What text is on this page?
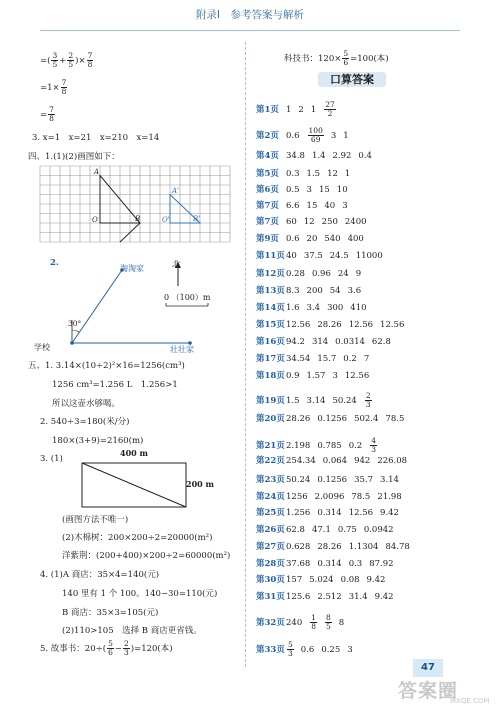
附录Ⅰ　参考答案与解析
=( $\frac{3}{5} + \frac{2}{5}$ )× $\frac{7}{8}$
$=1\times \frac{7}{8}$
= $\frac{7}{8}$
3. x=1　x=21　x=210　x=14
四、1.(1)(2)画图如下：
A
B
O
A'
B'
O'
2.
淘淘家	北
0 （100）m
30°
学校	壮壮家
五、1. 3.14×(10÷2)²×16=1256(cm³)
1256 cm³=1.256 L　1.256>1
所以这壶水够喝。
2. 540÷3=180(米/分)
180×(3+9)=2160(m)
3. (1)
400 m
200 m
(画图方法不唯一)
(2)木棉树：200×200÷2=20000(m²)
洋紫荆：(200+400)×200÷2=60000(m²)
4. (1)A 商店：35×4=140(元)
140 里有 1 个 100。140−30=110(元)
B 商店：35×3=105(元)
(2)110>105　选择 B 商店更省钱。
5. 故事书：$20\div( \frac{5}{6} - \frac{2}{3} )=120$(本)
科技书：$120\times \frac{5}{6} =100$(本)
口算答案
第1页 1 2 $1 \frac{27}{2}$
第2页 $0.6 \frac{100}{69} 3$ 1
第4页 34.8 1.4 2.92 0.4
第5页 0.3 1.5 12 1
第6页 0.5 3 15 10
第7页 6.6 15 40 3
第7页 60 12 250 2400
第9页 0.6 20 540 400
第11页40 37.5 24.5 11000
第12页0.28 0.96 24 9
第13页8.3 200 54 3.6
第14页1.6 3.4 300 410
第15页12.56 28.26 12.56 12.56
第16页94.2 314 0.0314 62.8
第17页34.54 15.7 0.2 7
第18页0.9 1.57 3 12.56
第19页1.5 3.14 $50.24 \frac{2}{3}$
第20页28.26 0.1256 502.4 78.5
第21页2.198 0.785 $0.2 \frac{4}{3}$
第22页254.34 0.064 942 226.08
第23页50.24 0.1256 35.7 3.14
第24页1256 2.0096 78.5 21.98
第25页1.256 0.314 12.56 9.42
第26页62.8 47.1 0.75 0.0942
第27页0.628 28.26 1.1304 84.78
第28页37.68 0.314 0.3 87.92
第30页157 5.024 0.08 9.42
第31页125.6 2.512 31.4 9.42
第32页$240 \frac{1}{8} \frac{8}{5} 8$
第33页 $\frac{5}{3} 0.6$ 0.25 3
47
答案圈
MXQE.COM
